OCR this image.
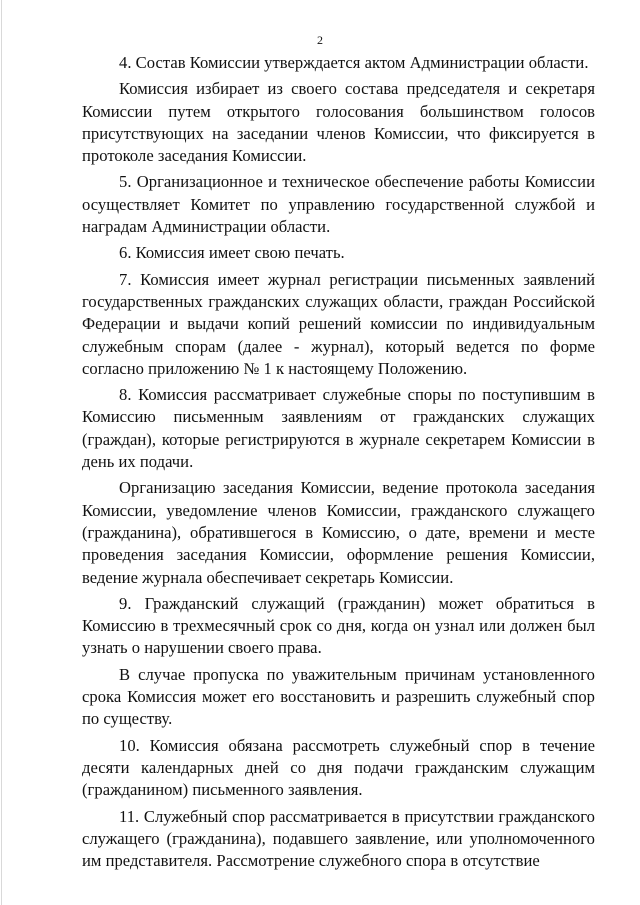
2

4. Состав Комиссии утверждается актом Администрации области.

Комиссия избирает из своего состава председателя и секретаря Комиссии путем открытого голосования большинством голосов присутствующих на заседании членов Комиссии, что фиксируется в протоколе заседания Комиссии.

5. Организационное и техническое обеспечение работы Комиссии осуществляет Комитет по управлению государственной службой и наградам Администрации области.

6. Комиссия имеет свою печать.

7. Комиссия имеет журнал регистрации письменных заявлений государственных гражданских служащих области, граждан Российской Федерации и выдачи копий решений комиссии по индивидуальным служебным спорам (далее - журнал), который ведется по форме согласно приложению № 1 к настоящему Положению.

8. Комиссия рассматривает служебные споры по поступившим в Комиссию письменным заявлениям от гражданских служащих (граждан), которые регистрируются в журнале секретарем Комиссии в день их подачи.

Организацию заседания Комиссии, ведение протокола заседания Комиссии, уведомление членов Комиссии, гражданского служащего (гражданина), обратившегося в Комиссию, о дате, времени и месте проведения заседания Комиссии, оформление решения Комиссии, ведение журнала обеспечивает секретарь Комиссии.

9. Гражданский служащий (гражданин) может обратиться в Комиссию в трехмесячный срок со дня, когда он узнал или должен был узнать о нарушении своего права.

В случае пропуска по уважительным причинам установленного срока Комиссия может его восстановить и разрешить служебный спор по существу.

10. Комиссия обязана рассмотреть служебный спор в течение десяти календарных дней со дня подачи гражданским служащим (гражданином) письменного заявления.

11. Служебный спор рассматривается в присутствии гражданского служащего (гражданина), подавшего заявление, или уполномоченного им представителя. Рассмотрение служебного спора в отсутствие
